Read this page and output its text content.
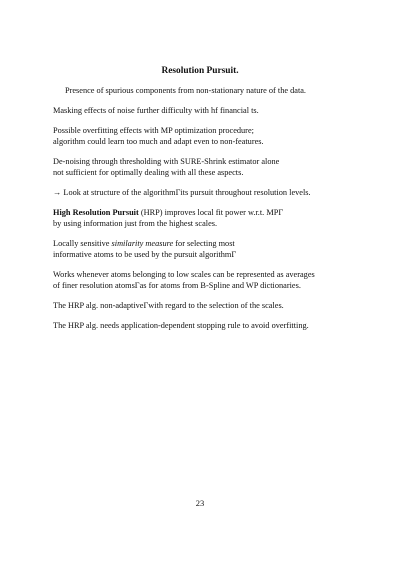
Resolution Pursuit.

Presence of spurious components from non-stationary nature of the data.

Masking effects of noise further difficulty with hf financial ts.

Possible overfitting effects with MP optimization procedure;
algorithm could learn too much and adapt even to non-features.

De-noising through thresholding with SURE-Shrink estimator alone
not sufficient for optimally dealing with all these aspects.

→ Look at structure of the algorithmΓits pursuit throughout resolution levels.

High Resolution Pursuit (HRP) improves local fit power w.r.t. MPΓ
by using information just from the highest scales.

Locally sensitive similarity measure for selecting most
informative atoms to be used by the pursuit algorithmΓ

Works whenever atoms belonging to low scales can be represented as averages
of finer resolution atomsΓas for atoms from B-Spline and WP dictionaries.

The HRP alg. non-adaptiveΓwith regard to the selection of the scales.

The HRP alg. needs application-dependent stopping rule to avoid overfitting.

23
